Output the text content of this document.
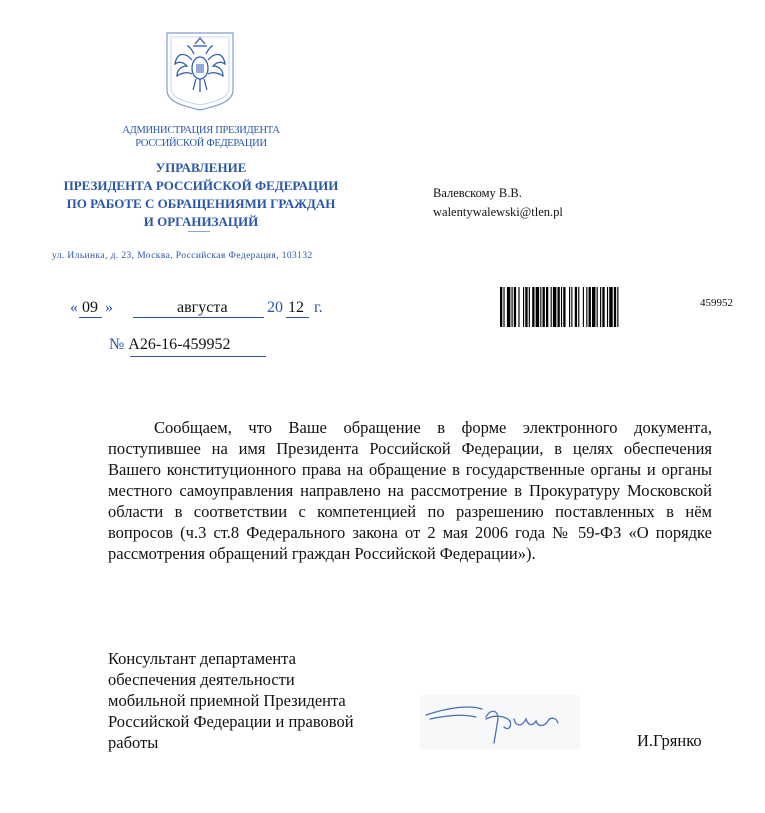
АДМИНИСТРАЦИЯ ПРЕЗИДЕНТА
РОССИЙСКОЙ ФЕДЕРАЦИИ
УПРАВЛЕНИЕ
ПРЕЗИДЕНТА РОССИЙСКОЙ ФЕДЕРАЦИИ
ПО РАБОТЕ С ОБРАЩЕНИЯМИ ГРАЖДАН
И ОРГАНИЗАЦИЙ
ул. Ильинка, д. 23, Москва, Российская Федерация, 103132
Валевскому В.В.
walentywalewski@tlen.pl
« 09 »	августа 20 12 г.	459952
№ А26-16-459952

Сообщаем, что Ваше обращение в форме электронного документа, поступившее на имя Президента Российской Федерации, в целях обеспечения Вашего конституционного права на обращение в государственные органы и органы местного самоуправления направлено на рассмотрение в Прокуратуру Московской области в соответствии с компетенцией по разрешению поставленных в нём вопросов (ч.3 ст.8 Федерального закона от 2 мая 2006 года № 59-ФЗ «О порядке рассмотрения обращений граждан Российской Федерации»).

Консультант департамента
обеспечения деятельности
мобильной приемной Президента
Российской Федерации и правовой
работы	И.Грянко
